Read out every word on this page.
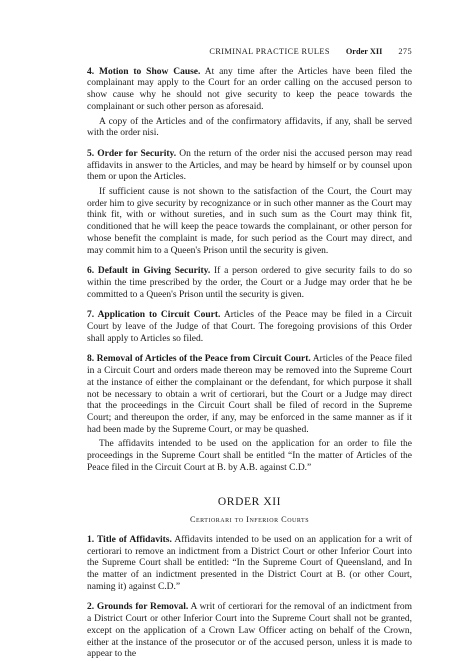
CRIMINAL PRACTICE RULES Order XII 275

4. Motion to Show Cause. At any time after the Articles have been filed the complainant may apply to the Court for an order calling on the accused person to show cause why he should not give security to keep the peace towards the complainant or such other person as aforesaid.

A copy of the Articles and of the confirmatory affidavits, if any, shall be served with the order nisi.

5. Order for Security. On the return of the order nisi the accused person may read affidavits in answer to the Articles, and may be heard by himself or by counsel upon them or upon the Articles.

If sufficient cause is not shown to the satisfaction of the Court, the Court may order him to give security by recognizance or in such other manner as the Court may think fit, with or without sureties, and in such sum as the Court may think fit, conditioned that he will keep the peace towards the complainant, or other person for whose benefit the complaint is made, for such period as the Court may direct, and may commit him to a Queen's Prison until the security is given.

6. Default in Giving Security. If a person ordered to give security fails to do so within the time prescribed by the order, the Court or a Judge may order that he be committed to a Queen's Prison until the security is given.

7. Application to Circuit Court. Articles of the Peace may be filed in a Circuit Court by leave of the Judge of that Court. The foregoing provisions of this Order shall apply to Articles so filed.

8. Removal of Articles of the Peace from Circuit Court. Articles of the Peace filed in a Circuit Court and orders made thereon may be removed into the Supreme Court at the instance of either the complainant or the defendant, for which purpose it shall not be necessary to obtain a writ of certiorari, but the Court or a Judge may direct that the proceedings in the Circuit Court shall be filed of record in the Supreme Court; and thereupon the order, if any, may be enforced in the same manner as if it had been made by the Supreme Court, or may be quashed.

The affidavits intended to be used on the application for an order to file the proceedings in the Supreme Court shall be entitled “In the matter of Articles of the Peace filed in the Circuit Court at B. by A.B. against C.D.”

ORDER XII
Certiorari to Inferior Courts

1. Title of Affidavits. Affidavits intended to be used on an application for a writ of certiorari to remove an indictment from a District Court or other Inferior Court into the Supreme Court shall be entitled: “In the Supreme Court of Queensland, and In the matter of an indictment presented in the District Court at B. (or other Court, naming it) against C.D.”

2. Grounds for Removal. A writ of certiorari for the removal of an indictment from a District Court or other Inferior Court into the Supreme Court shall not be granted, except on the application of a Crown Law Officer acting on behalf of the Crown, either at the instance of the prosecutor or of the accused person, unless it is made to appear to the
